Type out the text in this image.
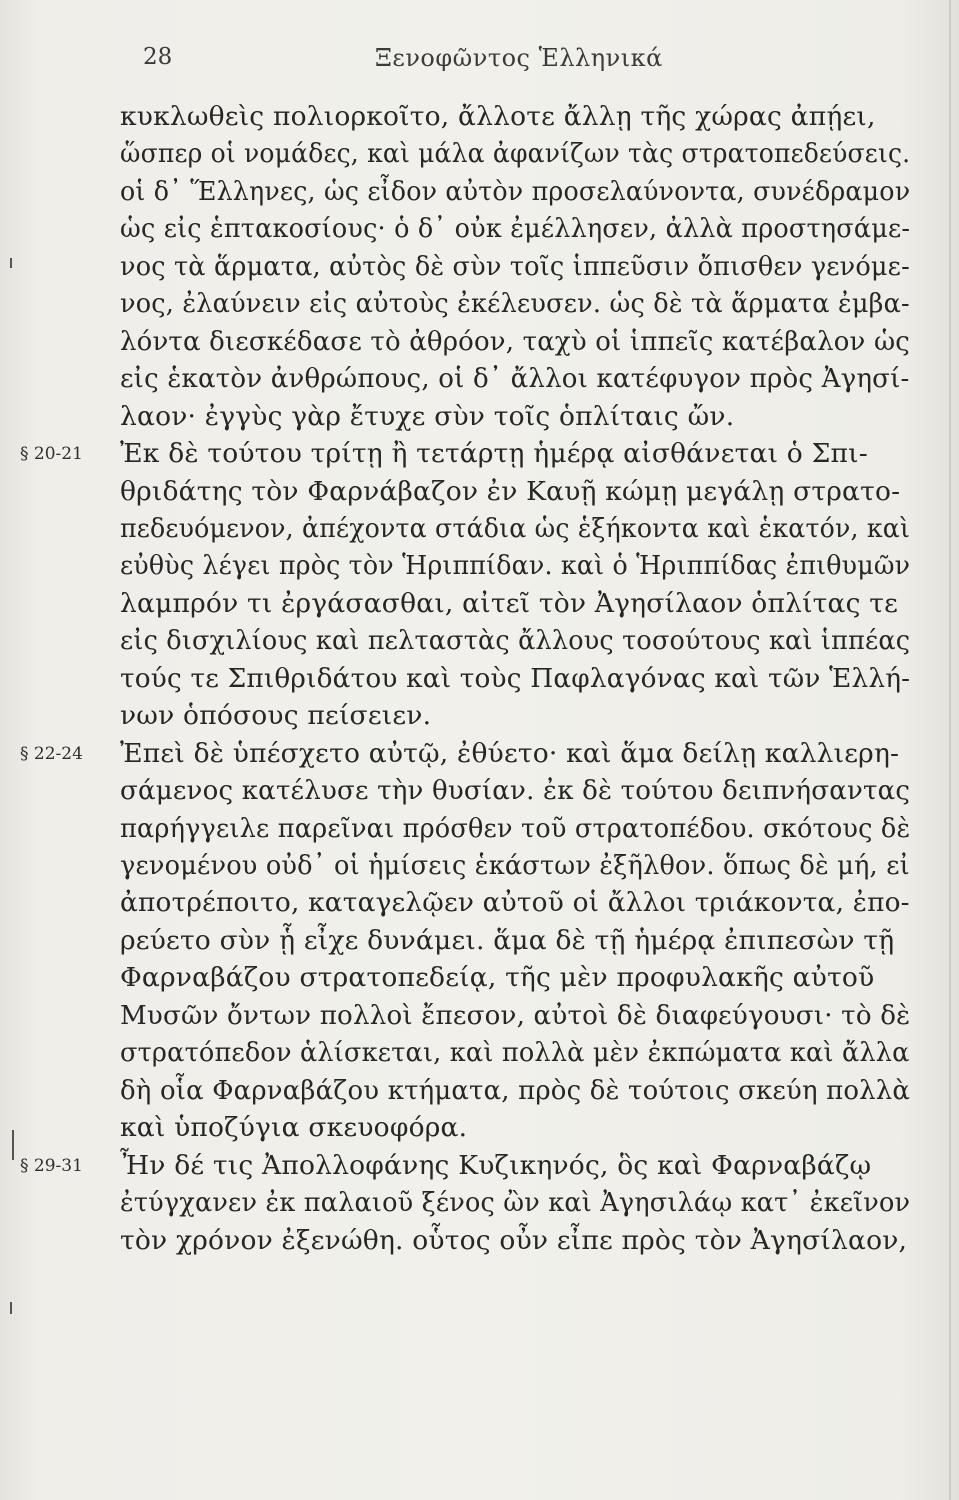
28	Ξενοφῶντος Ἑλληνικά
§ 20-21
§ 22-24
§ 29-31
κυκλωθεὶς πολιορκοῖτο, ἄλλοτε ἄλλῃ τῆς χώρας ἀπῄει,
ὥσπερ οἱ νομάδες, καὶ μάλα ἀφανίζων τὰς στρατοπεδεύσεις.
οἱ δ᾽ Ἕλληνες, ὡς εἶδον αὐτὸν προσελαύνοντα, συνέδραμον
ὡς εἰς ἑπτακοσίους· ὁ δ᾽ οὐκ ἐμέλλησεν, ἀλλὰ προστησάμε-
νος τὰ ἅρματα, αὐτὸς δὲ σὺν τοῖς ἱππεῦσιν ὄπισθεν γενόμε-
νος, ἐλαύνειν εἰς αὐτοὺς ἐκέλευσεν. ὡς δὲ τὰ ἅρματα ἐμβα-
λόντα διεσκέδασε τὸ ἀθρόον, ταχὺ οἱ ἱππεῖς κατέβαλον ὡς
εἰς ἑκατὸν ἀνθρώπους, οἱ δ᾽ ἄλλοι κατέφυγον πρὸς Ἀγησί-
λαον· ἐγγὺς γὰρ ἔτυχε σὺν τοῖς ὁπλίταις ὤν.
Ἐκ δὲ τούτου τρίτῃ ἢ τετάρτῃ ἡμέρᾳ αἰσθάνεται ὁ Σπι-
θριδάτης τὸν Φαρνάβαζον ἐν Καυῇ κώμῃ μεγάλῃ στρατο-
πεδευόμενον, ἀπέχοντα στάδια ὡς ἑξήκοντα καὶ ἑκατόν, καὶ
εὐθὺς λέγει πρὸς τὸν Ἡριππίδαν. καὶ ὁ Ἡριππίδας ἐπιθυμῶν
λαμπρόν τι ἐργάσασθαι, αἰτεῖ τὸν Ἀγησίλαον ὁπλίτας τε
εἰς δισχιλίους καὶ πελταστὰς ἄλλους τοσούτους καὶ ἱππέας
τούς τε Σπιθριδάτου καὶ τοὺς Παφλαγόνας καὶ τῶν Ἑλλή-
νων ὁπόσους πείσειεν.
Ἐπεὶ δὲ ὑπέσχετο αὐτῷ, ἐθύετο· καὶ ἅμα δείλῃ καλλιερη-
σάμενος κατέλυσε τὴν θυσίαν. ἐκ δὲ τούτου δειπνήσαντας
παρήγγειλε παρεῖναι πρόσθεν τοῦ στρατοπέδου. σκότους δὲ
γενομένου οὐδ᾽ οἱ ἡμίσεις ἑκάστων ἐξῆλθον. ὅπως δὲ μή, εἰ
ἀποτρέποιτο, καταγελῷεν αὐτοῦ οἱ ἄλλοι τριάκοντα, ἐπο-
ρεύετο σὺν ᾗ εἶχε δυνάμει. ἅμα δὲ τῇ ἡμέρᾳ ἐπιπεσὼν τῇ
Φαρναβάζου στρατοπεδείᾳ, τῆς μὲν προφυλακῆς αὐτοῦ
Μυσῶν ὄντων πολλοὶ ἔπεσον, αὐτοὶ δὲ διαφεύγουσι· τὸ δὲ
στρατόπεδον ἁλίσκεται, καὶ πολλὰ μὲν ἐκπώματα καὶ ἄλλα
δὴ οἷα Φαρναβάζου κτήματα, πρὸς δὲ τούτοις σκεύη πολλὰ
καὶ ὑποζύγια σκευοφόρα.
Ἦν δέ τις Ἀπολλοφάνης Κυζικηνός, ὃς καὶ Φαρναβάζῳ
ἐτύγχανεν ἐκ παλαιοῦ ξένος ὢν καὶ Ἀγησιλάῳ κατ᾽ ἐκεῖνον
τὸν χρόνον ἐξενώθη. οὗτος οὖν εἶπε πρὸς τὸν Ἀγησίλαον,
